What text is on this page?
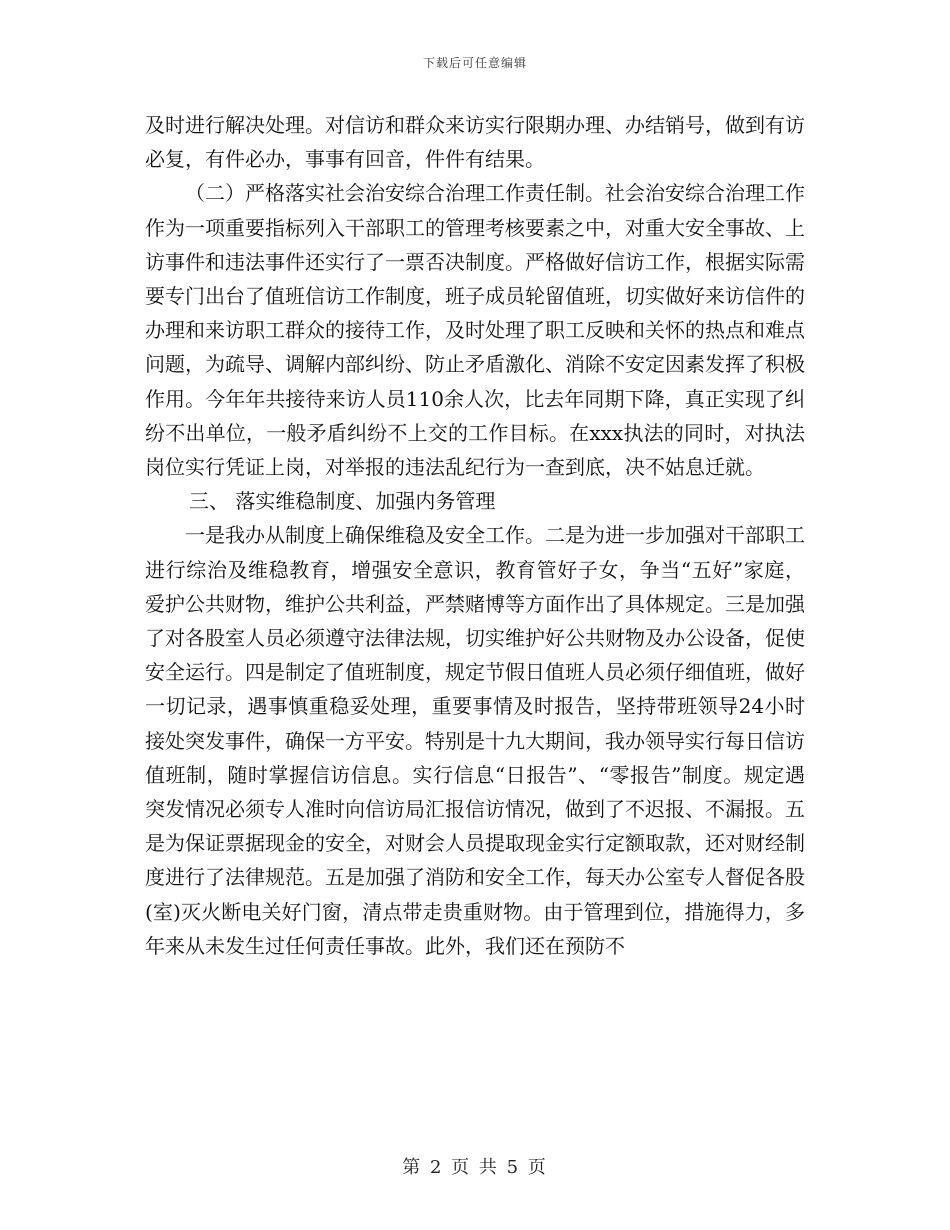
下载后可任意编辑

及时进行解决处理。对信访和群众来访实行限期办理、办结销号，做到有访必复，有件必办，事事有回音，件件有结果。

（二）严格落实社会治安综合治理工作责任制。社会治安综合治理工作作为一项重要指标列入干部职工的管理考核要素之中，对重大安全事故、上访事件和违法事件还实行了一票否决制度。严格做好信访工作，根据实际需要专门出台了值班信访工作制度，班子成员轮留值班，切实做好来访信件的办理和来访职工群众的接待工作，及时处理了职工反映和关怀的热点和难点问题，为疏导、调解内部纠纷、防止矛盾激化、消除不安定因素发挥了积极作用。今年年共接待来访人员110余人次，比去年同期下降，真正实现了纠纷不出单位，一般矛盾纠纷不上交的工作目标。在xxx执法的同时，对执法岗位实行凭证上岗，对举报的违法乱纪行为一查到底，决不姑息迁就。

三、 落实维稳制度、加强内务管理

一是我办从制度上确保维稳及安全工作。二是为进一步加强对干部职工进行综治及维稳教育，增强安全意识，教育管好子女，争当“五好”家庭，爱护公共财物，维护公共利益，严禁赌博等方面作出了具体规定。三是加强了对各股室人员必须遵守法律法规，切实维护好公共财物及办公设备，促使安全运行。四是制定了值班制度，规定节假日值班人员必须仔细值班，做好一切记录，遇事慎重稳妥处理，重要事情及时报告，坚持带班领导24小时接处突发事件，确保一方平安。特别是十九大期间，我办领导实行每日信访值班制，随时掌握信访信息。实行信息“日报告”、“零报告”制度。规定遇突发情况必须专人准时向信访局汇报信访情况，做到了不迟报、不漏报。五是为保证票据现金的安全，对财会人员提取现金实行定额取款，还对财经制度进行了法律规范。五是加强了消防和安全工作，每天办公室专人督促各股(室)灭火断电关好门窗，清点带走贵重财物。由于管理到位，措施得力，多年来从未发生过任何责任事故。此外，我们还在预防不

第 2 页 共 5 页
